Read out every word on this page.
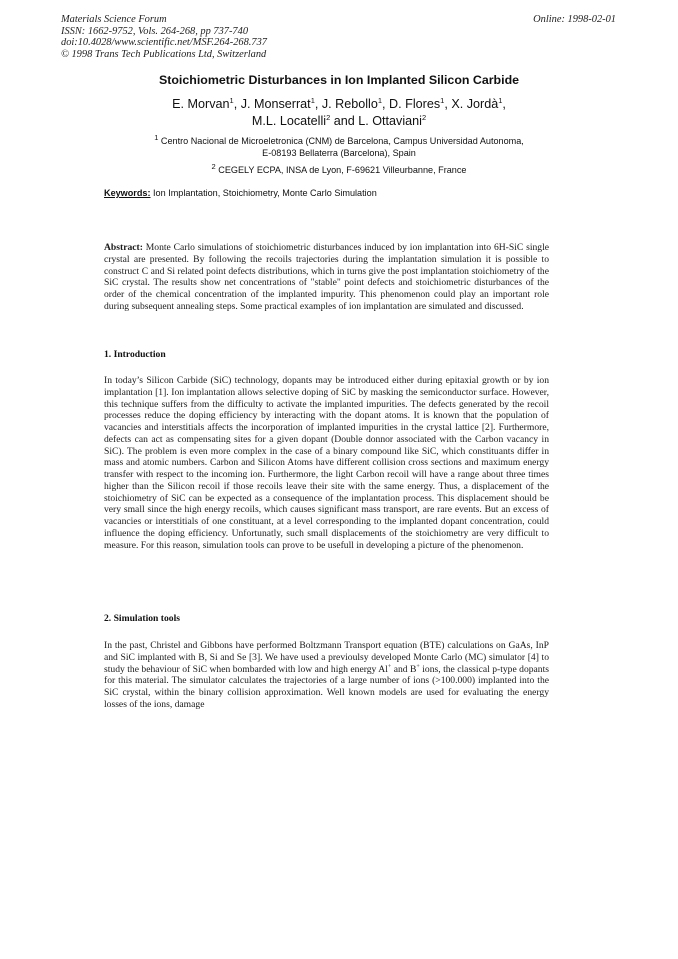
Materials Science Forum
ISSN: 1662-9752, Vols. 264-268, pp 737-740
doi:10.4028/www.scientific.net/MSF.264-268.737
© 1998 Trans Tech Publications Ltd, Switzerland
Online: 1998-02-01
Stoichiometric Disturbances in Ion Implanted Silicon Carbide
E. Morvan$^1$, J. Monserrat$^1$, J. Rebollo$^1$, D. Flores$^1$, X. Jordà$^1$,
M.L. Locatelli$^2$ and L. Ottaviani$^2$
$^1$ Centro Nacional de Microeletronica (CNM) de Barcelona, Campus Universidad Autonoma,
E-08193 Bellaterra (Barcelona), Spain
$^2$ CEGELY ECPA, INSA de Lyon, F-69621 Villeurbanne, France
Keywords: Ion Implantation, Stoichiometry, Monte Carlo Simulation
Abstract: Monte Carlo simulations of stoichiometric disturbances induced by ion implantation into 6H-SiC single crystal are presented. By following the recoils trajectories during the implantation simulation it is possible to construct C and Si related point defects distributions, which in turns give the post implantation stoichiometry of the SiC crystal. The results show net concentrations of "stable" point defects and stoichiometric disturbances of the order of the chemical concentration of the implanted impurity. This phenomenon could play an important role during subsequent annealing steps. Some practical examples of ion implantation are simulated and discussed.
1. Introduction
In today’s Silicon Carbide (SiC) technology, dopants may be introduced either during epitaxial growth or by ion implantation [1]. Ion implantation allows selective doping of SiC by masking the semiconductor surface. However, this technique suffers from the difficulty to activate the implanted impurities. The defects generated by the recoil processes reduce the doping efficiency by interacting with the dopant atoms. It is known that the population of vacancies and interstitials affects the incorporation of implanted impurities in the crystal lattice [2]. Furthermore, defects can act as compensating sites for a given dopant (Double donnor associated with the Carbon vacancy in SiC). The problem is even more complex in the case of a binary compound like SiC, which constituants differ in mass and atomic numbers. Carbon and Silicon Atoms have different collision cross sections and maximum energy transfer with respect to the incoming ion. Furthermore, the light Carbon recoil will have a range about three times higher than the Silicon recoil if those recoils leave their site with the same energy. Thus, a displacement of the stoichiometry of SiC can be expected as a consequence of the implantation process. This displacement should be very small since the high energy recoils, which causes significant mass transport, are rare events. But an excess of vacancies or interstitials of one constituant, at a level corresponding to the implanted dopant concentration, could influence the doping efficiency. Unfortunatly, such small displacements of the stoichiometry are very difficult to measure. For this reason, simulation tools can prove to be usefull in developing a picture of the phenomenon.
2. Simulation tools
In the past, Christel and Gibbons have performed Boltzmann Transport equation (BTE) calculations on GaAs, InP and SiC implanted with B, Si and Se [3]. We have used a previoulsy developed Monte Carlo (MC) simulator [4] to study the behaviour of SiC when bombarded with low and high energy Al+ and B+ ions, the classical p-type dopants for this material. The simulator calculates the trajectories of a large number of ions (>100.000) implanted into the SiC crystal, within the binary collision approximation. Well known models are used for evaluating the energy losses of the ions, damage
